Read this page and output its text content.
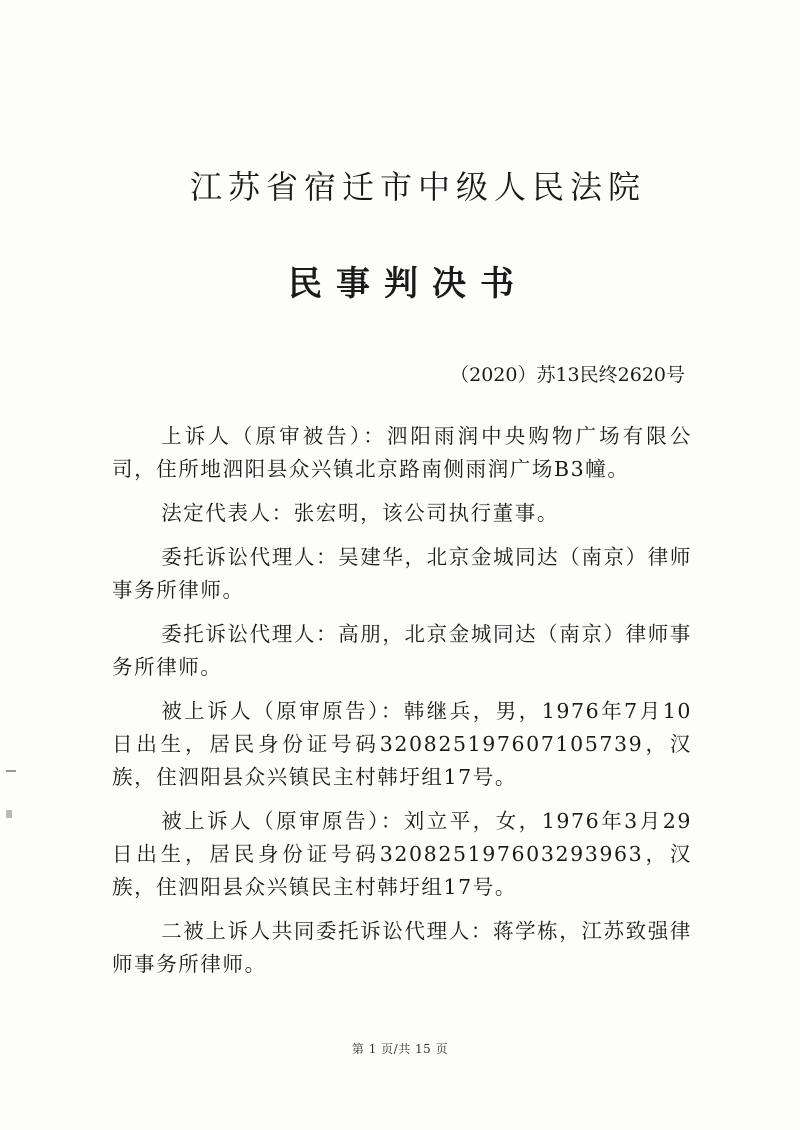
江苏省宿迁市中级人民法院
民事判决书
（2020）苏13民终2620号

上诉人（原审被告）：泗阳雨润中央购物广场有限公司，住所地泗阳县众兴镇北京路南侧雨润广场B3幢。

法定代表人：张宏明，该公司执行董事。

委托诉讼代理人：吴建华，北京金城同达（南京）律师事务所律师。

委托诉讼代理人：高朋，北京金城同达（南京）律师事务所律师。

被上诉人（原审原告）：韩继兵，男，1976年7月10日出生，居民身份证号码320825197607105739，汉族，住泗阳县众兴镇民主村韩圩组17号。

被上诉人（原审原告）：刘立平，女，1976年3月29日出生，居民身份证号码320825197603293963，汉族，住泗阳县众兴镇民主村韩圩组17号。

二被上诉人共同委托诉讼代理人：蒋学栋，江苏致强律师事务所律师。

第 1 页/共 15 页
